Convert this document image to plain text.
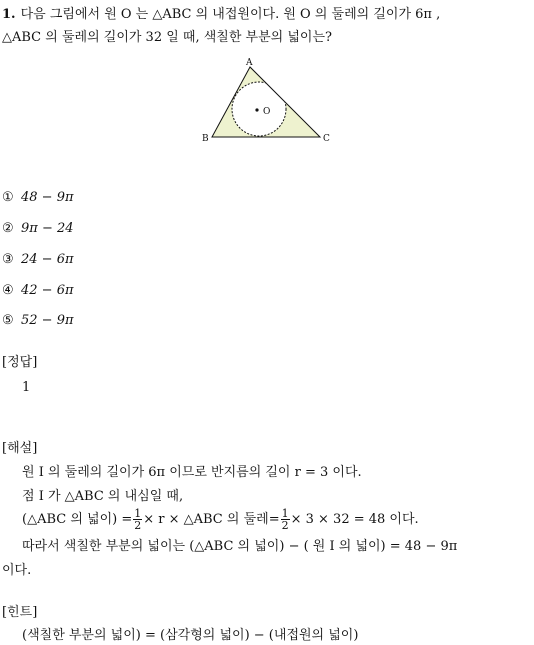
1. 다음 그림에서 원 O 는 △ABC 의 내접원이다. 원 O 의 둘레의 길이가 6π ,
△ABC 의 둘레의 길이가 32 일 때, 색칠한 부분의 넓이는?
A
B	C
O
① 48 − 9π
② 9π − 24
③ 24 − 6π
④ 42 − 6π
⑤ 52 − 9π
[정답]
1
[해설]
원 I 의 둘레의 길이가 6π 이므로 반지름의 길이 r = 3 이다.
점 I 가 △ABC 의 내심일 때,
(△ABC 의 넓이) = $\frac{1}{2} \times r$ × △ABC 의 둘레= $\frac{1}{2} \times 3 \times 32 = 48$ 이다.
따라서 색칠한 부분의 넓이는 (△ABC 의 넓이) − ( 원 I 의 넓이) = 48 − 9π
이다.
[힌트]
(색칠한 부분의 넓이) = (삼각형의 넓이) − (내접원의 넓이)
